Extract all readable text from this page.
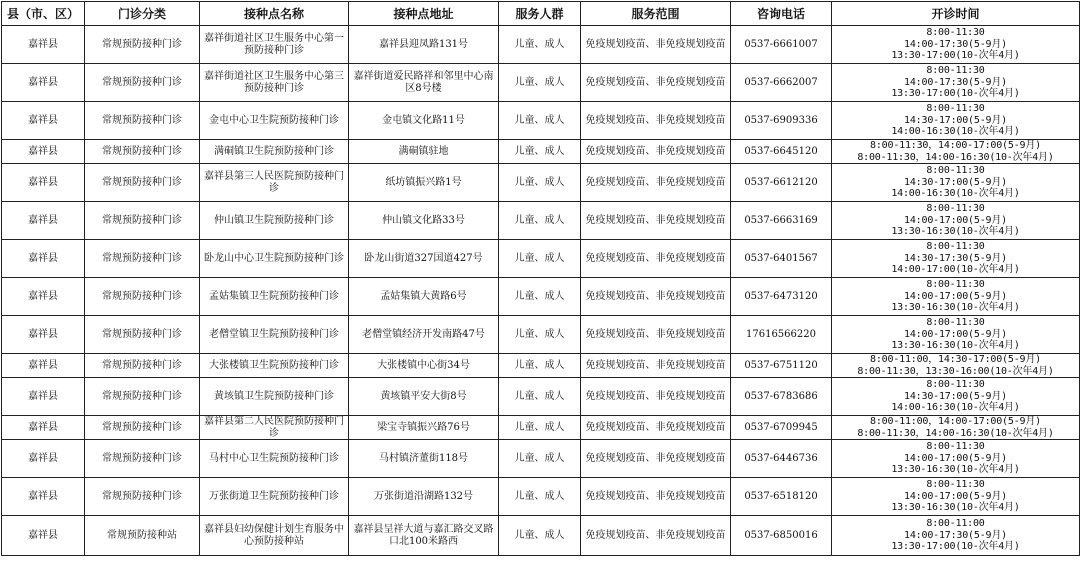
县（市、区）	门诊分类	接种点名称	接种点地址	服务人群	服务范围	咨询电话	开诊时间
嘉祥县	常规预防接种门诊	嘉祥街道社区卫生服务中心第一预防接种门诊	嘉祥县迎凤路131号	儿童、成人	免疫规划疫苗、非免疫规划疫苗	0537-6661007	8:00-11:30
14:00-17:30(5-9月)
13:30-17:00(10-次年4月)

嘉祥县	常规预防接种门诊	嘉祥街道社区卫生服务中心第三预防接种门诊	嘉祥街道爱民路祥和邻里中心南区8号楼	儿童、成人	免疫规划疫苗、非免疫规划疫苗	0537-6662007	8:00-11:30
14:00-17:30(5-9月)
13:30-17:00(10-次年4月)

嘉祥县	常规预防接种门诊	金屯中心卫生院预防接种门诊	金屯镇文化路11号	儿童、成人	免疫规划疫苗、非免疫规划疫苗	0537-6909336	8:00-11:30
14:30-17:00(5-9月)
14:00-16:30(10-次年4月)

嘉祥县	常规预防接种门诊	满硐镇卫生院预防接种门诊	满硐镇驻地	儿童、成人	免疫规划疫苗、非免疫规划疫苗	0537-6645120	8:00-11:30，14:00-17:00(5-9月)
8:00-11:30，14:00-16:30(10-次年4月)

嘉祥县	常规预防接种门诊	嘉祥县第三人民医院预防接种门诊	纸坊镇振兴路1号	儿童、成人	免疫规划疫苗、非免疫规划疫苗	0537-6612120	8:00-11:30
14:30-17:00(5-9月)
14:00-16:30(10-次年4月)

嘉祥县	常规预防接种门诊	仲山镇卫生院预防接种门诊	仲山镇文化路33号	儿童、成人	免疫规划疫苗、非免疫规划疫苗	0537-6663169	8:00-11:30
14:00-17:00(5-9月)
13:30-16:30(10-次年4月)

嘉祥县	常规预防接种门诊	卧龙山中心卫生院预防接种门诊	卧龙山街道327国道427号	儿童、成人	免疫规划疫苗、非免疫规划疫苗	0537-6401567	8:00-11:30
14:30-17:30(5-9月)
14:00-17:00(10-次年4月)

嘉祥县	常规预防接种门诊	孟姑集镇卫生院预防接种门诊	孟姑集镇大黄路6号	儿童、成人	免疫规划疫苗、非免疫规划疫苗	0537-6473120	8:00-11:30
14:00-17:00(5-9月)
13:30-16:30(10-次年4月)

嘉祥县	常规预防接种门诊	老僧堂镇卫生院预防接种门诊	老僧堂镇经济开发南路47号	儿童、成人	免疫规划疫苗、非免疫规划疫苗	17616566220	8:00-11:30
14:00-17:00(5-9月)
13:30-16:30(10-次年4月)

嘉祥县	常规预防接种门诊	大张楼镇卫生院预防接种门诊	大张楼镇中心街34号	儿童、成人	免疫规划疫苗、非免疫规划疫苗	0537-6751120	8:00-11:00，14:30-17:00(5-9月)
8:00-11:30，13:30-16:00(10-次年4月)

嘉祥县	常规预防接种门诊	黄垓镇卫生院预防接种门诊	黄垓镇平安大街8号	儿童、成人	免疫规划疫苗、非免疫规划疫苗	0537-6783686	8:00-11:30
14:30-17:00(5-9月)
14:00-16:30(10-次年4月)

嘉祥县	常规预防接种门诊	嘉祥县第二人民医院预防接种门诊	梁宝寺镇振兴路76号	儿童、成人	免疫规划疫苗、非免疫规划疫苗	0537-6709945	8:00-11:00，14:00-17:00(5-9月)
8:00-11:30，14:00-16:30(10-次年4月)

嘉祥县	常规预防接种门诊	马村中心卫生院预防接种门诊	马村镇济董街118号	儿童、成人	免疫规划疫苗、非免疫规划疫苗	0537-6446736	8:00-11:30
14:00-17:00(5-9月)
13:30-16:30(10-次年4月)

嘉祥县	常规预防接种门诊	万张街道卫生院预防接种门诊	万张街道沿湖路132号	儿童、成人	免疫规划疫苗、非免疫规划疫苗	0537-6518120	8:00-11:30
14:00-17:00(5-9月)
13:30-16:30(10-次年4月)

嘉祥县	常规预防接种站	嘉祥县妇幼保健计划生育服务中心预防接种站	嘉祥县呈祥大道与嘉汇路交叉路口北100米路西	儿童、成人	免疫规划疫苗、非免疫规划疫苗	0537-6850016	8:00-11:00
14:00-17:30(5-9月)
13:30-17:00(10-次年4月)
